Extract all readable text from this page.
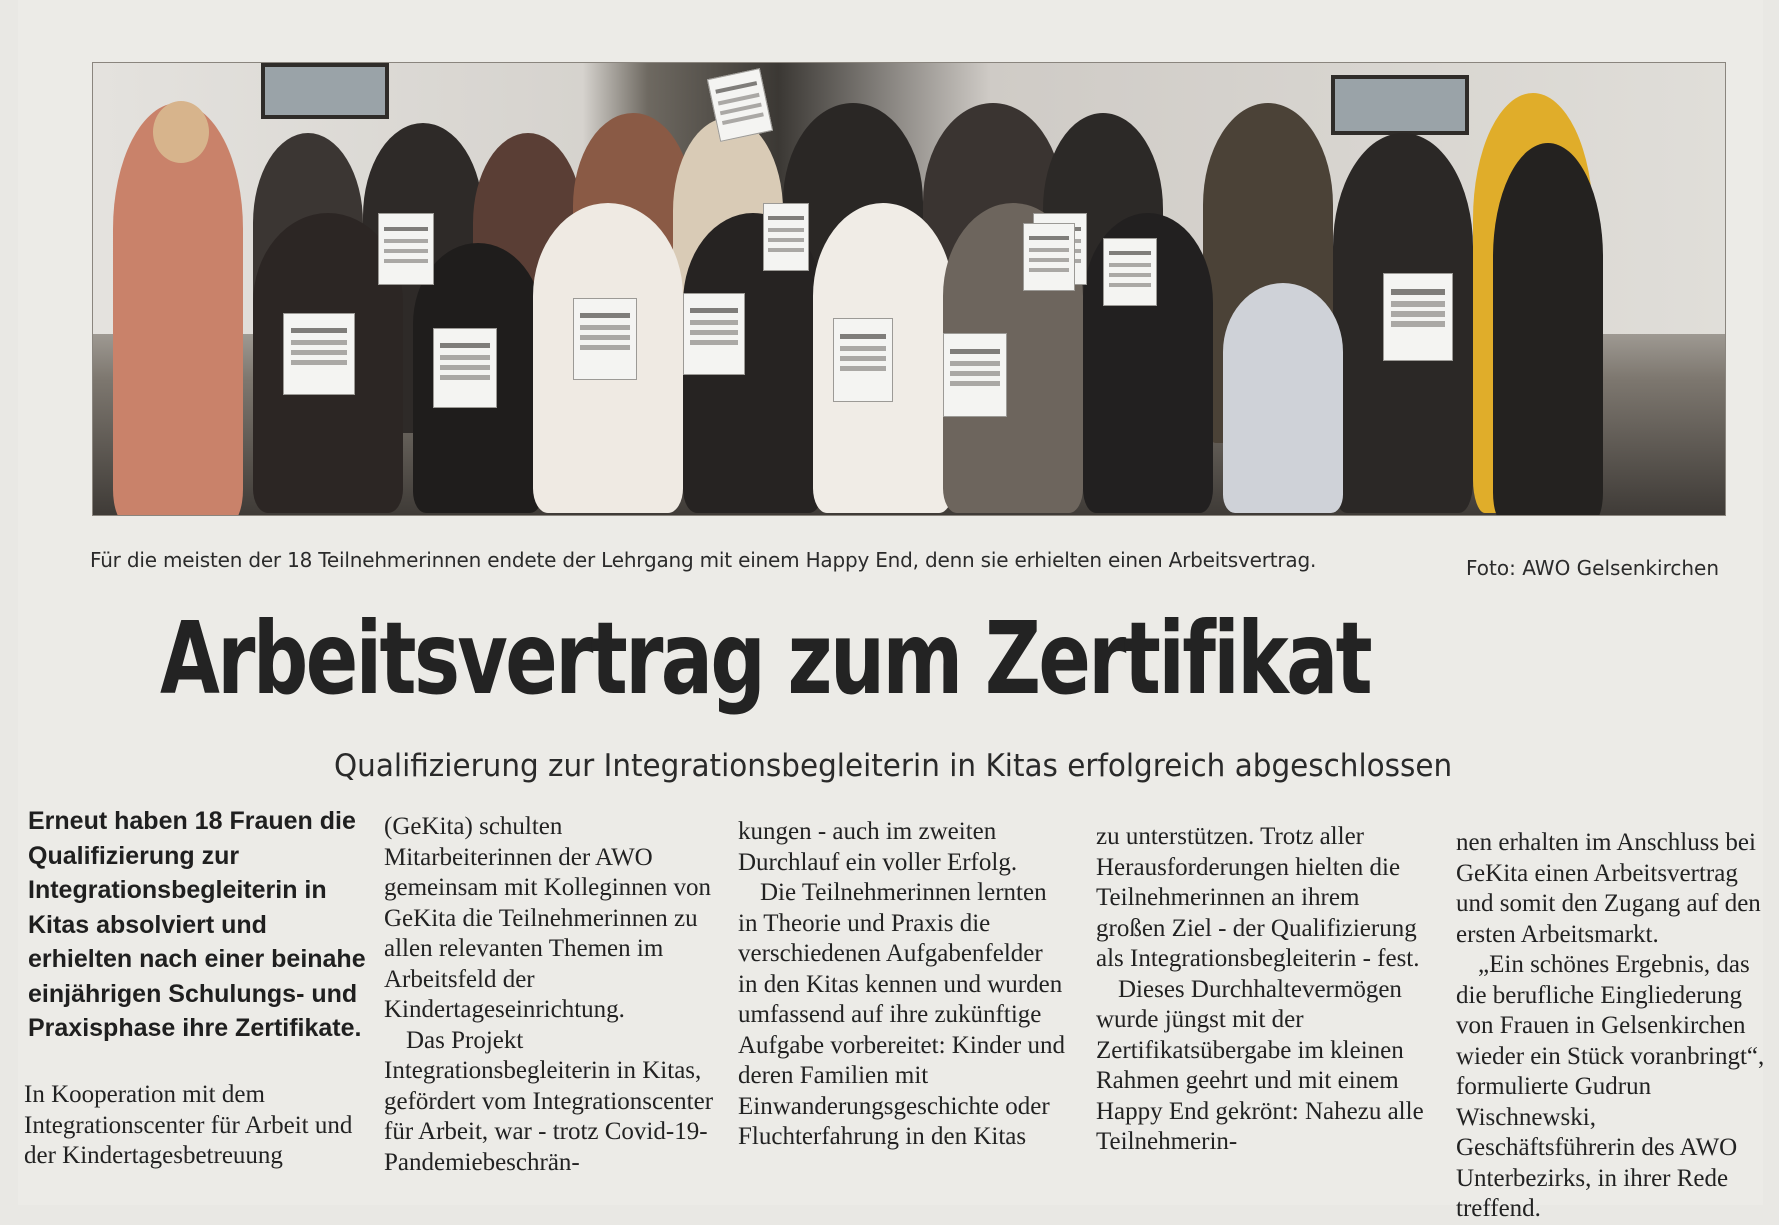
Für die meisten der 18 Teilnehmerinnen endete der Lehrgang mit einem Happy End, denn sie erhielten einen Arbeitsvertrag.	Foto: AWO Gelsenkirchen
Arbeitsvertrag zum Zertifikat
Qualifizierung zur Integrationsbegleiterin in Kitas erfolgreich abgeschlossen
Erneut haben 18 Frauen die Qualifizierung zur Integrationsbegleiterin in Kitas absolviert und erhielten nach einer beinahe einjährigen Schulungs- und Praxisphase ihre Zertifikate.
In Kooperation mit dem Integrationscenter für Arbeit und der Kindertagesbetreuung

(GeKita) schulten Mitarbeiterinnen der AWO gemeinsam mit Kolleginnen von GeKita die Teilnehmerinnen zu allen relevanten Themen im Arbeitsfeld der Kindertageseinrichtung.

Das Projekt Integrationsbegleiterin in Kitas, gefördert vom Integrationscenter für Arbeit, war - trotz Covid-19-Pandemiebeschrän-

kungen - auch im zweiten Durchlauf ein voller Erfolg.

Die Teilnehmerinnen lernten in Theorie und Praxis die verschiedenen Aufgabenfelder in den Kitas kennen und wurden umfassend auf ihre zukünftige Aufgabe vorbereitet: Kinder und deren Familien mit Einwanderungsgeschichte oder Fluchterfahrung in den Kitas

zu unterstützen. Trotz aller Herausforderungen hielten die Teilnehmerinnen an ihrem großen Ziel - der Qualifizierung als Integrationsbegleiterin - fest.

Dieses Durchhaltevermögen wurde jüngst mit der Zertifikatsübergabe im kleinen Rahmen geehrt und mit einem Happy End gekrönt: Nahezu alle Teilnehmerin-

nen erhalten im Anschluss bei GeKita einen Arbeitsvertrag und somit den Zugang auf den ersten Arbeitsmarkt.

„Ein schönes Ergebnis, das die berufliche Eingliederung von Frauen in Gelsenkirchen wieder ein Stück voranbringt“, formulierte Gudrun Wischnewski, Geschäftsführerin des AWO Unterbezirks, in ihrer Rede treffend.
